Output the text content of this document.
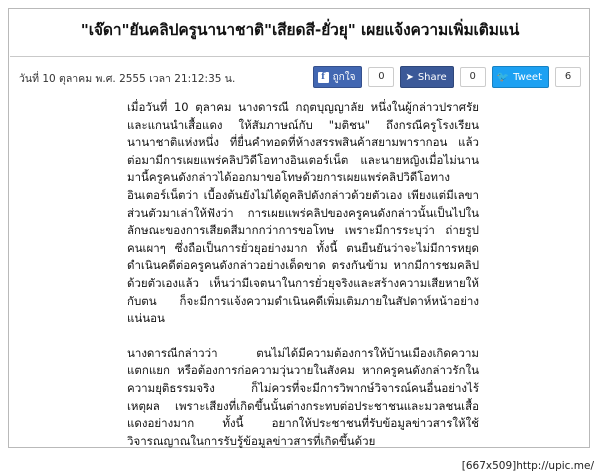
"เจ๊ดา"ยันคลิปครูนานาชาติ"เสียดสี-ยั่วยุ" เผยแจ้งความเพิ่มเติมแน่
วันที่ 10 ตุลาคม พ.ศ. 2555 เวลา 21:12:35 น.	f ถูกใจ	0	➤ Share	0	🐦 Tweet	6

เมื่อวันที่ 10 ตุลาคม นางดารณี กฤตบุญญาลัย หนึ่งในผู้กล่าวปราศรัยและแกนนำเสื้อแดง ให้สัมภาษณ์กับ "มติชน" ถึงกรณีครูโรงเรียนนานาชาติแห่งหนึ่ง ที่ยื่นคำทอดที่ห้างสรรพสินค้าสยามพารากอน แล้วต่อมามีการเผยแพร่คลิปวิดีโอทางอินเตอร์เน็ต และนายหญิงเมื่อไม่นานมานี้ครูคนดังกล่าวได้ออกมาขอโทษด้วยการเผยแพร่คลิปวิดีโอทางอินเตอร์เน็ตว่า เบื้องต้นยังไม่ได้ดูคลิปดังกล่าวด้วยตัวเอง เพียงแต่มีเลขาส่วนตัวมาเล่าให้ฟังว่า การเผยแพร่คลิปของครูคนดังกล่าวนั้นเป็นไปในลักษณะของการเสียดสีมากกว่าการขอโทษ เพราะมีการระบุว่า ถ่ายรูปคนเผาๆ ซึ่งถือเป็นการยั่วยุอย่างมาก ทั้งนี้ ตนยืนยันว่าจะไม่มีการหยุดดำเนินคดีต่อครูคนดังกล่าวอย่างเด็ดขาด ตรงกันข้าม หากมีการชมคลิปด้วยตัวเองแล้ว เห็นว่ามีเจตนาในการยั่วยุจริงและสร้างความเสียหายให้กับตน ก็จะมีการแจ้งความดำเนินคดีเพิ่มเติมภายในสัปดาห์หน้าอย่างแน่นอน

นางดารณีกล่าวว่า ตนไม่ได้มีความต้องการให้บ้านเมืองเกิดความแตกแยก หรือต้องการก่อความวุ่นวายในสังคม หากครูคนดังกล่าวรักในความยุติธรรมจริง ก็ไม่ควรที่จะมีการวิพากษ์วิจารณ์คนอื่นอย่างไร้เหตุผล เพราะเสียงที่เกิดขึ้นนั้นต่างกระทบต่อประชาชนและมวลชนเสื้อแดงอย่างมาก ทั้งนี้ อยากให้ประชาชนที่รับข้อมูลข่าวสารให้ใช้วิจารณญาณในการรับรู้ข้อมูลข่าวสารที่เกิดขึ้นด้วย

[667x509]http://upic.me/
